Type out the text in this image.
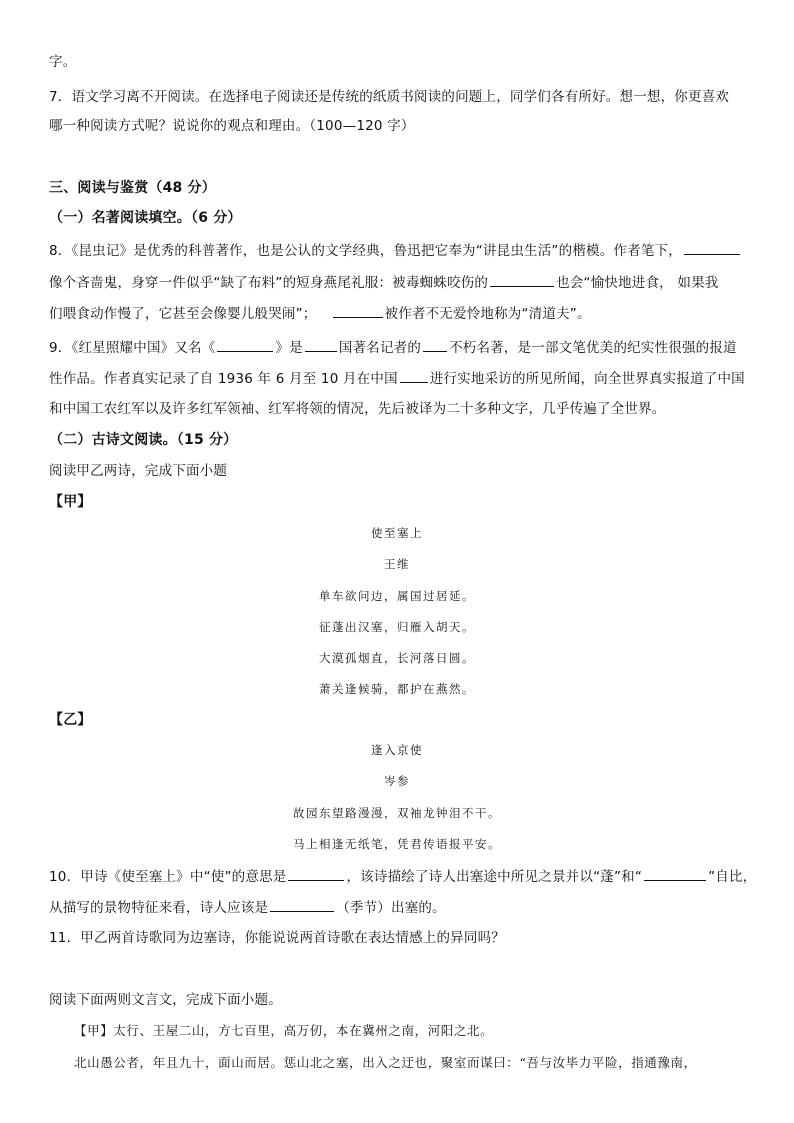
字。
7．语文学习离不开阅读。在选择电子阅读还是传统的纸质书阅读的问题上，同学们各有所好。想一想，你更喜欢
哪一种阅读方式呢？说说你的观点和理由。（100—120 字）
三、阅读与鉴赏（48 分）
（一）名著阅读填空。（6 分）
8．《昆虫记》是优秀的科普著作，也是公认的文学经典，鲁迅把它奉为“讲昆虫生活”的楷模。作者笔下，
像个吝啬鬼，身穿一件似乎“缺了布料”的短身燕尾礼服：被毒蜘蛛咬伤的	也会“愉快地进食， 如果我
们喂食动作慢了，它甚至会像婴儿般哭闹”；	被作者不无爱怜地称为“清道夫”。
9．《红星照耀中国》又名《	》是	国著名记者的 不朽名著，是一部文笔优美的纪实性很强的报道
性作品。作者真实记录了自 1936 年 6 月至 10 月在中国 进行实地采访的所见所闻，向全世界真实报道了中国
和中国工农红军以及许多红军领袖、红军将领的情况，先后被译为二十多种文字，几乎传遍了全世界。
（二）古诗文阅读。（15 分）
阅读甲乙两诗，完成下面小题
【甲】
使至塞上
王维
单车欲问边，属国过居延。
征蓬出汉塞，归雁入胡天。
大漠孤烟直，长河落日圆。
萧关逢候骑，都护在燕然。
【乙】
逢入京使
岑参
故园东望路漫漫，双袖龙钟泪不干。
马上相逢无纸笔，凭君传语报平安。
10．甲诗《使至塞上》中“使”的意思是	，该诗描绘了诗人出塞途中所见之景并以“蓬”和“	”自比，
从描写的景物特征来看，诗人应该是	（季节）出塞的。
11．甲乙两首诗歌同为边塞诗，你能说说两首诗歌在表达情感上的异同吗？
阅读下面两则文言文，完成下面小题。
【甲】太行、王屋二山，方七百里，高万仞，本在冀州之南，河阳之北。
北山愚公者，年且九十，面山而居。惩山北之塞，出入之迂也，聚室而谋曰：“吾与汝毕力平险，指通豫南，
